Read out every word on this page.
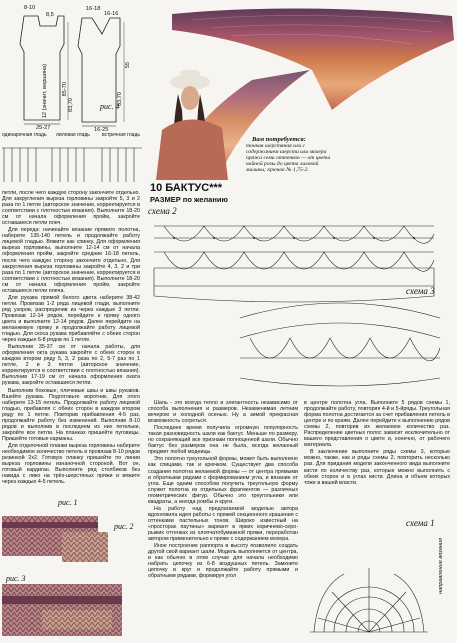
8-10
8,5
16-18
16-16
12 (значит, вершина)	85-70
83,70
25-27	16-25
83,70
55
рис. 4
одинарочная гладь лиловая гладь встречная гладь
Вам потребуется:
тонкая шерстяная или с содержанием шерсти или мохера пряжа семи оттенков — от цвета чайной розы до цвета лиловой малины; крючок № 1,75-2.
10 БАКТУС***
РАЗМЕР по желанию

петли, после чего каждую сторону закончите отдельно. Для закругления выреза горловины закройте 5, 3 и 2 раза по 1 петле (авторское значение, корректируется в соответствии с плотностью вязания). Выполните 18-20 см от начала оформления пройм, закройте оставшиеся петли плеч.

Для переда: начинайте вязание прямого полотна, наберите 135-140 петель и продолжайте работу лицевой гладью. Вяжите как спинку. Для оформления выреза горловины, выполните 12-14 см от начала оформления пройм, закройте средние 16-18 петель, после чего каждую сторону закончите отдельно. Для закругления выреза горловины закройте 4, 3, 2 и три раза по 1 петле (авторское значение, корректируется в соответствии с плотностью вязания). Выполните 18-20 см от начала оформления пройм, закройте оставшиеся петли плеча.

Для рукава прямой белого цвета наберите 38-42 петли. Провязав 1-2 ряда лицевой глади, выполните ряд узоров, распределив из через каждые 3 петли. Провязав 12-14 рядов, перейдите к пряму одного цвета и выполните 12-14 рядов. Далее перейдите на меланжевую пряжу и продолжайте работу лицевой гладью. Для скоса рукава прибавляйте с обеих сторон через каждые 6-8 рядов по 1 петле.

Выполнив 35-37 см от начала работы, для оформления окта рукава закройте с обеих сторон в каждом втором ряду 5, 3, 2 раза по 2, 5-7 раз по 1 петле, 2 и 3 петли (авторское значение, корректируется в соответствии с плотностью вязания). Выполнив 17-19 см от начала оформления оката рукава, закройте оставшиеся петли.

Выполнив боковые, плечевые швы и швы рукавов. Вшейте рукава. Подготовьте воротник. Для этого наберите 13-15 петель. Продолжайте работу лицевой гладью, прибавляя с обеих сторон в каждом втором ряду по 1 петле. Повторив прибавления 4-5 раз, продолжайте работу без изменений. Выполнив 8-10 рядов и выполнив в последнем из них петельки, закройте все петли. На планках пришейте пуговицы. Пришейте готовые карманы.

Для отделочной планки выреза горловины наберите необходимое количество петель и провязав 8-10 рядов резинкой 2х2. Готовую планку пришейте по линии выреза горловины изнаночной стороной. Вот он, готовый кардиган. Выполните ряд столбиков без накида с лико на трёх-шерстяных пряжи и вяжите через каждые 4-5 петель.

рис. 1
рис. 2
рис. 3
схема 2
схема 3

Шаль - это всегда тепло и элегантность независимо от способа выполнения и размеров. Незаменимая летним вечером и холодной осенью. Ну а зимой прекрасная возможность согреться.

Последнее время получила огромную популярность такая разновидность шали как бактус. Меньше по размеру, но сохраняющий все признаки полноценной шали. Обычно бактус без размеров она не была, всегда желанный предмет любой модницы.

Это полотно треугольной формы, может быть выполнено как спицами, так и крючком. Существует два способа создания полотна желаемой формы — от центра прямыми и обратными рядами с формированием угла, и вязание от угла. Еще одним способом получить треугольную форму служит полотна из отдельных фрагментов — различных геометрических фигур. Обычно это треугольники или квадраты, а иногда ромбы и круги.

На работу над предлагаемой моделью автора вдохновила идея работы с пряжей секционного крашения с оттенками пастельных тонов. Широко известный на «просторах паутины» вариант в ярких коричнево-серо-рыжих оттенках из хлопчатобумажной пряжи, переработан автором применительно к пряже с содержанием мохера.

Иное построение раппорта в высоту позволило создать другой свой вариант шали. Модель выполняется от центра, и как обычно в этом случае для начала необходимо набрать цепочку из 6-8 воздушных петель. Замкните цепочку в круг и продолжайте работу прямыми и обратными рядами, формируя угол

в центре полотна угла. Выполните 5 рядов схемы 1, продолжайте работу, повторяя 4-й и 5-йряды. Треугольная форма полотна достигается за счет прибавления петель в центре и по краям. Далее перейдите к выполнению рядов схемы 2, повторив их желаемое количество раз. Распределение цветных полос зависит исключительно от вашего представления о цвете и, конечно, от рабочего материала.

В заключение выполните ряды схемы 3, которые можно, также, как и ряды схемы 2, повторить несколько раз. Для придания модели законченного вида выполните кисти по количеству раз, которые можно выполнить с обеих сторон и в углах кисти. Длина и объем которых тоже в вашей власти.

схема 1
направление вязания
